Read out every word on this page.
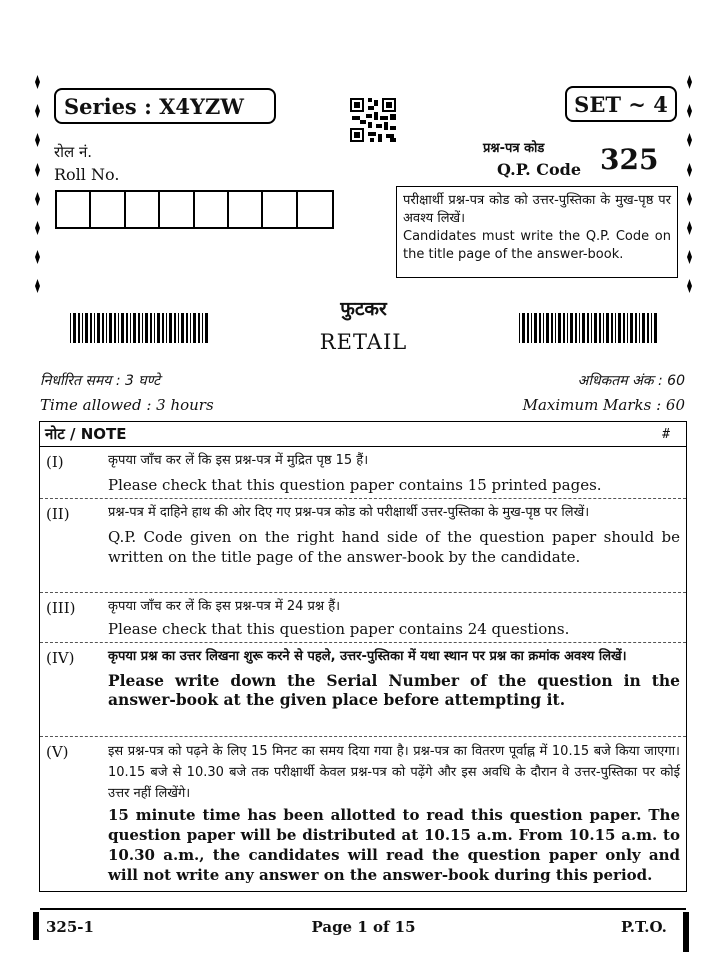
Series : X4YZW	SET ~ 4
रोल नं.
Roll No.
प्रश्न-पत्र कोड
Q.P. Code 325
परीक्षार्थी प्रश्न-पत्र कोड को उत्तर-पुस्तिका के मुख-पृष्ठ पर अवश्य लिखें।
Candidates must write the Q.P. Code on the title page of the answer-book.
फुटकर
RETAIL
निर्धारित समय : 3 घण्टे	अधिकतम अंक : 60
Time allowed : 3 hours	Maximum Marks : 60
नोट / NOTE	#
(I)	कृपया जाँच कर लें कि इस प्रश्न-पत्र में मुद्रित पृष्ठ 15 हैं।
Please check that this question paper contains 15 printed pages.
(II)	प्रश्न-पत्र में दाहिने हाथ की ओर दिए गए प्रश्न-पत्र कोड को परीक्षार्थी उत्तर-पुस्तिका के मुख-पृष्ठ पर लिखें।
Q.P. Code given on the right hand side of the question paper should be written on the title page of the answer-book by the candidate.
(III)	कृपया जाँच कर लें कि इस प्रश्न-पत्र में 24 प्रश्न हैं।
Please check that this question paper contains 24 questions.
(IV)	कृपया प्रश्न का उत्तर लिखना शुरू करने से पहले, उत्तर-पुस्तिका में यथा स्थान पर प्रश्न का क्रमांक अवश्य लिखें।
Please write down the Serial Number of the question in the answer-book at the given place before attempting it.
(V)	इस प्रश्न-पत्र को पढ़ने के लिए 15 मिनट का समय दिया गया है। प्रश्न-पत्र का वितरण पूर्वाह्न में 10.15 बजे किया जाएगा। 10.15 बजे से 10.30 बजे तक परीक्षार्थी केवल प्रश्न-पत्र को पढ़ेंगे और इस अवधि के दौरान वे उत्तर-पुस्तिका पर कोई उत्तर नहीं लिखेंगे।
15 minute time has been allotted to read this question paper. The question paper will be distributed at 10.15 a.m. From 10.15 a.m. to 10.30 a.m., the candidates will read the question paper only and will not write any answer on the answer-book during this period.
325-1	Page 1 of 15	P.T.O.
